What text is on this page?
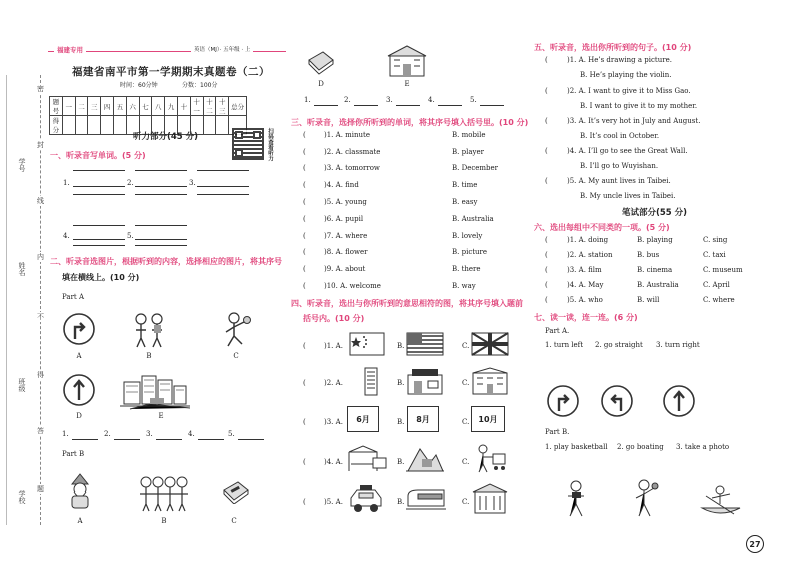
学号
姓名
班级
学校
密
封
线
内
不
得
答
题
福建专用	英语（MJ）· 五年级 · 上
福建省南平市第一学期期末真题卷（二）
时间：60分钟	分数：100分
题号	一	二	三	四	五	六	七	八	九	十	十一	十二	十三	总分
得分														
听力部分(45 分)	扫码查看听力
一、听录音写单词。(5 分)
1.	2.	3.
4.	5.
二、听录音选图片，根据听到的内容，选择相应的图片，将其序号
填在横线上。(10 分)
Part A
A	B	C
D	E
1.	2.	3.	4.	5.
Part B
A	B	C
D	E
1.	2.	3.	4.	5.
三、听录音，选择你所听到的单词，将其序号填入括号里。(10 分)
(	)1. A. minute	B. mobile
(	)2. A. classmate	B. player
(	)3. A. tomorrow	B. December
(	)4. A. find	B. time
(	)5. A. young	B. easy
(	)6. A. pupil	B. Australia
(	)7. A. where	B. lovely
(	)8. A. flower	B. picture
(	)9. A. about	B. there
(	)10. A. welcome	B. way
四、听录音，选出与你所听到的意思相符的图，将其序号填入题前
括号内。(10 分)
(	)1. A.	B.	C.
(	)2. A.	B.	C.
(	)3. A. 6月	B. 8月	C. 10月
(	)4. A.	B.	C.
(	)5. A.	B.	C.
五、听录音，选出你所听到的句子。(10 分)
(	)1. A. He’s drawing a picture.
B. He’s playing the violin.
(	)2. A. I want to give it to Miss Gao.
B. I want to give it to my mother.
(	)3. A. It’s very hot in July and August.
B. It’s cool in October.
(	)4. A. I’ll go to see the Great Wall.
B. I’ll go to Wuyishan.
(	)5. A. My aunt lives in Taibei.
B. My uncle lives in Taibei.
笔试部分(55 分)
六、选出每组中不同类的一项。(5 分)
(	)1. A. doing	B. playing	C. sing
(	)2. A. station	B. bus	C. taxi
(	)3. A. film	B. cinema	C. museum
(	)4. A. May	B. Australia	C. April
(	)5. A. who	B. will	C. where
七、读一读，连一连。(6 分)
Part A.
1. turn left 2. go straight 3. turn right
Part B.
1. play basketball 2. go boating 3. take a photo
27
